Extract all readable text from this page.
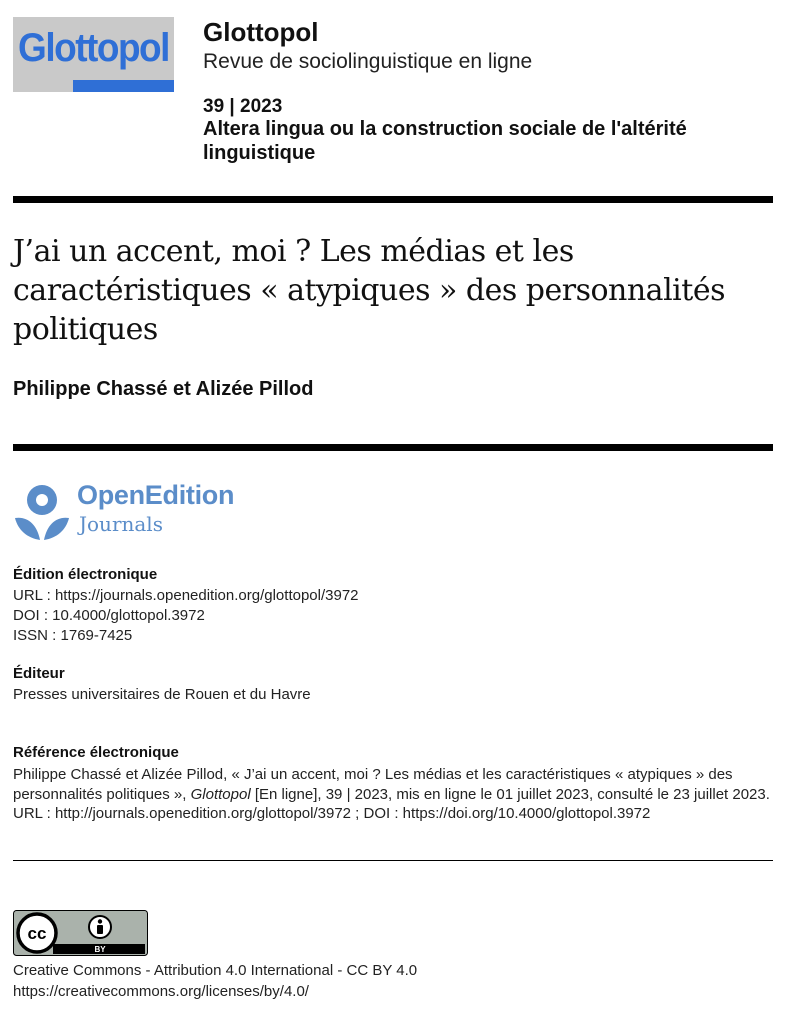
Glottopol Glottopol
Revue de sociolinguistique en ligne
39 | 2023
Altera lingua ou la construction sociale de l'altérité linguistique
J’ai un accent, moi ? Les médias et les caractéristiques « atypiques » des personnalités politiques
Philippe Chassé et Alizée Pillod
OpenEdition
Journals
Édition électronique
URL : https://journals.openedition.org/glottopol/3972
DOI : 10.4000/glottopol.3972
ISSN : 1769-7425
Éditeur
Presses universitaires de Rouen et du Havre
Référence électronique
Philippe Chassé et Alizée Pillod, « J’ai un accent, moi ? Les médias et les caractéristiques « atypiques » des personnalités politiques », Glottopol [En ligne], 39 | 2023, mis en ligne le 01 juillet 2023, consulté le 23 juillet 2023. URL : http://journals.openedition.org/glottopol/3972 ; DOI : https://doi.org/10.4000/glottopol.3972
cc
BY
Creative Commons - Attribution 4.0 International - CC BY 4.0
https://creativecommons.org/licenses/by/4.0/
